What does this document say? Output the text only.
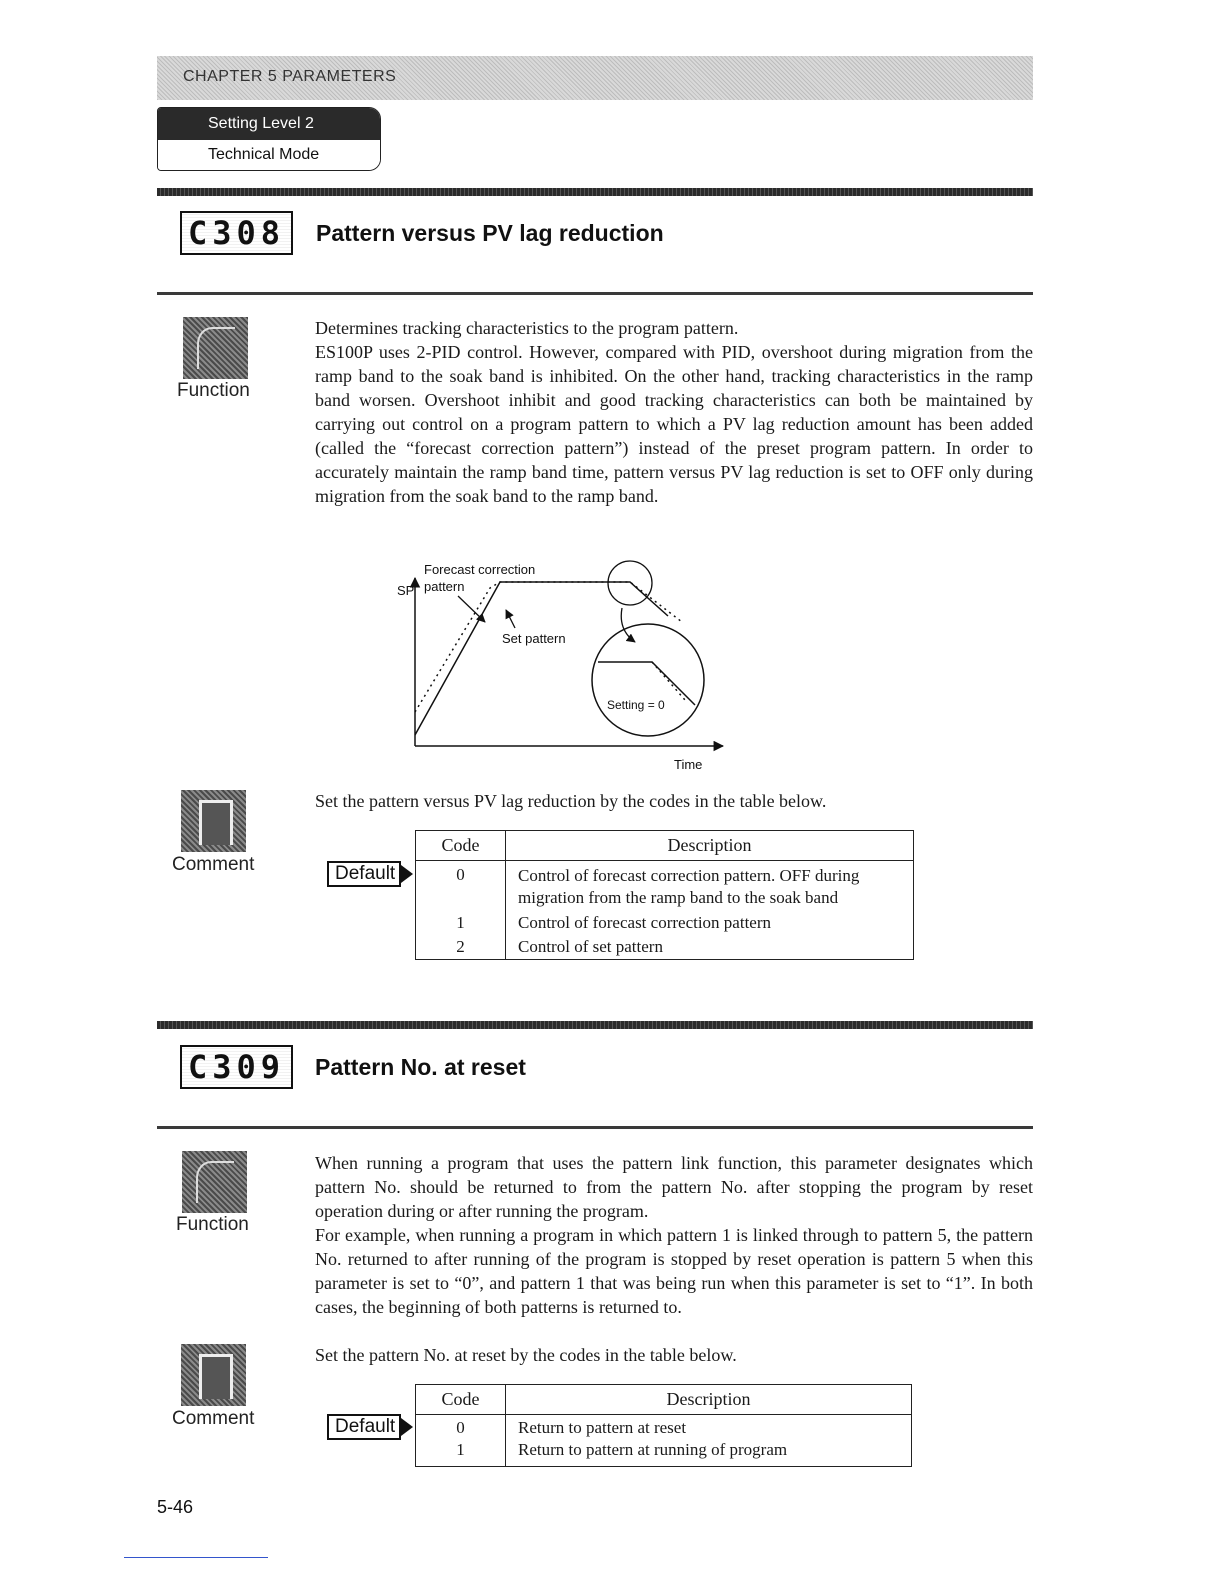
CHAPTER 5 PARAMETERS
Setting Level 2
Technical Mode
C308	Pattern versus PV lag reduction
Function

Determines tracking characteristics to the program pattern.

ES100P uses 2-PID control. However, compared with PID, overshoot during migration from the ramp band to the soak band is inhibited. On the other hand, tracking characteristics in the ramp band worsen. Overshoot inhibit and good tracking characteristics can both be maintained by carrying out control on a program pattern to which a PV lag reduction amount has been added (called the “forecast correction pattern”) instead of the preset program pattern. In order to accurately maintain the ramp band time, pattern versus PV lag reduction is set to OFF only during migration from the soak band to the ramp band.

Forecast correction
pattern
SP
Set pattern
Setting = 0
Time
Comment

Set the pattern versus PV lag reduction by the codes in the table below.

Default
Code	Description
0	Control of forecast correction pattern. OFF during migration from the ramp band to the soak band
1	Control of forecast correction pattern
2	Control of set pattern
C309	Pattern No. at reset
Function

When running a program that uses the pattern link function, this parameter designates which pattern No. should be returned to from the pattern No. after stopping the program by reset operation during or after running the program.

For example, when running a program in which pattern 1 is linked through to pattern 5, the pattern No. returned to after running of the program is stopped by reset operation is pattern 5 when this parameter is set to “0”, and pattern 1 that was being run when this parameter is set to “1”. In both cases, the beginning of both patterns is returned to.

Comment

Set the pattern No. at reset by the codes in the table below.

Default
Code	Description
0	Return to pattern at reset
1	Return to pattern at running of program
5-46
